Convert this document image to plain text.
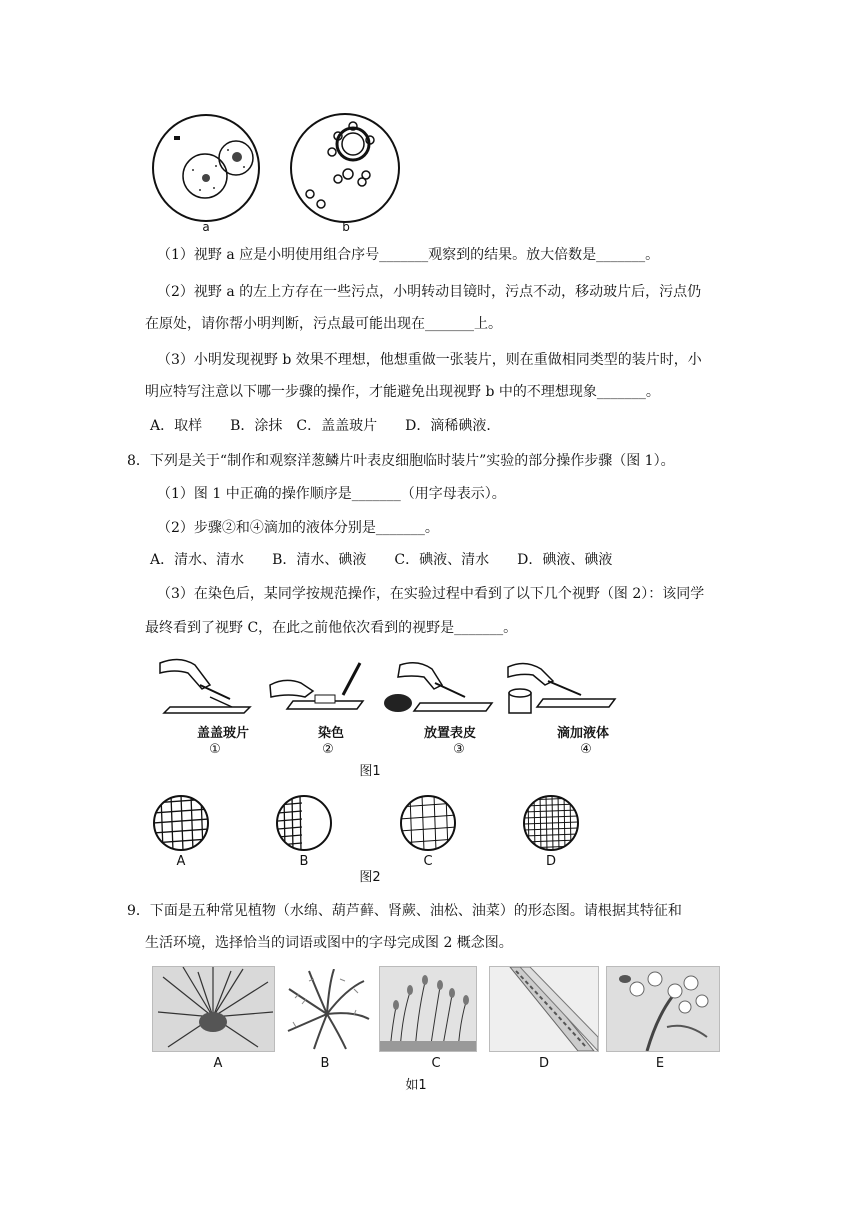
a	b
（1）视野 a 应是小明使用组合序号_______观察到的结果。放大倍数是_______。
（2）视野 a 的左上方存在一些污点，小明转动目镜时，污点不动，移动玻片后，污点仍
在原处，请你帮小明判断，污点最可能出现在_______上。
（3）小明发现视野 b 效果不理想，他想重做一张装片，则在重做相同类型的装片时，小
明应特写注意以下哪一步骤的操作，才能避免出现视野 b 中的不理想现象_______。
A．取样　　B．涂抹　C．盖盖玻片　　D．滴稀碘液．
8．下列是关于“制作和观察洋葱鳞片叶表皮细胞临时装片”实验的部分操作步骤（图 1）。
（1）图 1 中正确的操作顺序是_______（用字母表示）。
（2）步骤②和④滴加的液体分别是_______。
A．清水、清水　　B．清水、碘液　　C．碘液、清水　　D．碘液、碘液
（3）在染色后，某同学按规范操作，在实验过程中看到了以下几个视野（图 2）：该同学
最终看到了视野 C，在此之前他依次看到的视野是_______。
盖盖玻片	染色	放置表皮	滴加液体
①	②	③	④
图1
A	B	C	D
图2
9．下面是五种常见植物（水绵、葫芦藓、肾蕨、油松、油菜）的形态图。请根据其特征和
生活环境，选择恰当的词语或图中的字母完成图 2 概念图。
A	B	C	D	E
如1
